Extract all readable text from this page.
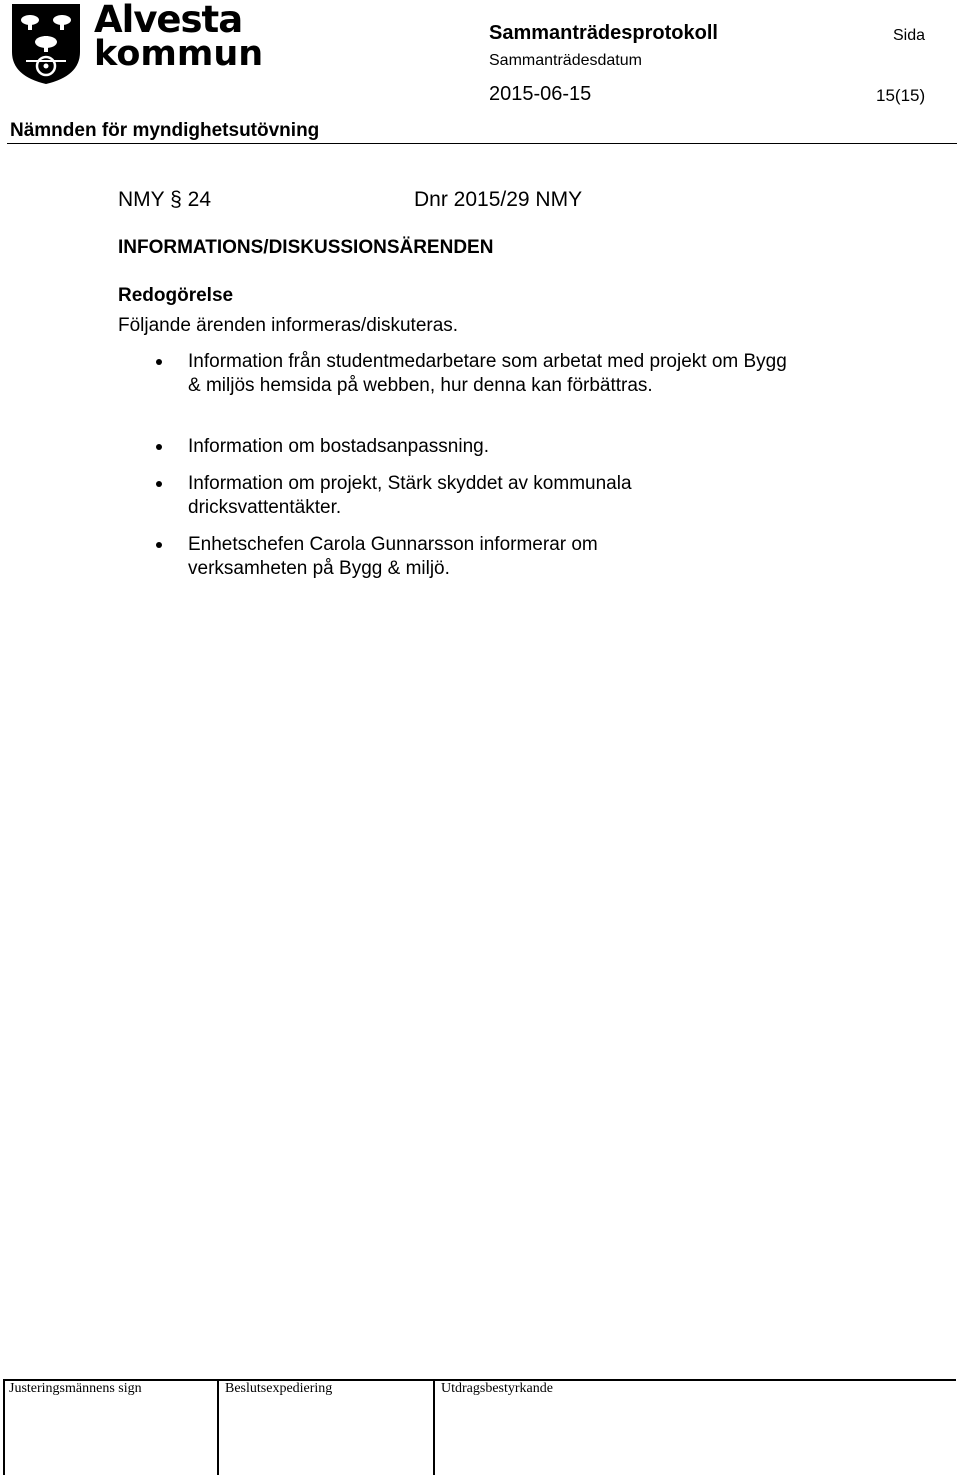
Alvesta
kommun
Sammanträdesprotokoll
Sammanträdesdatum
2015-06-15
Sida
15(15)
Nämnden för myndighetsutövning
NMY § 24	Dnr 2015/29 NMY
INFORMATIONS/DISKUSSIONSÄRENDEN
Redogörelse
Följande ärenden informeras/diskuteras.
Information från studentmedarbetare som arbetat med projekt om Bygg & miljös hemsida på webben, hur denna kan förbättras.
Information om bostadsanpassning.
Information om projekt, Stärk skyddet av kommunala dricksvattentäkter.
Enhetschefen Carola Gunnarsson informerar om verksamheten på Bygg & miljö.
Justeringsmännens sign	Beslutsexpediering	Utdragsbestyrkande
